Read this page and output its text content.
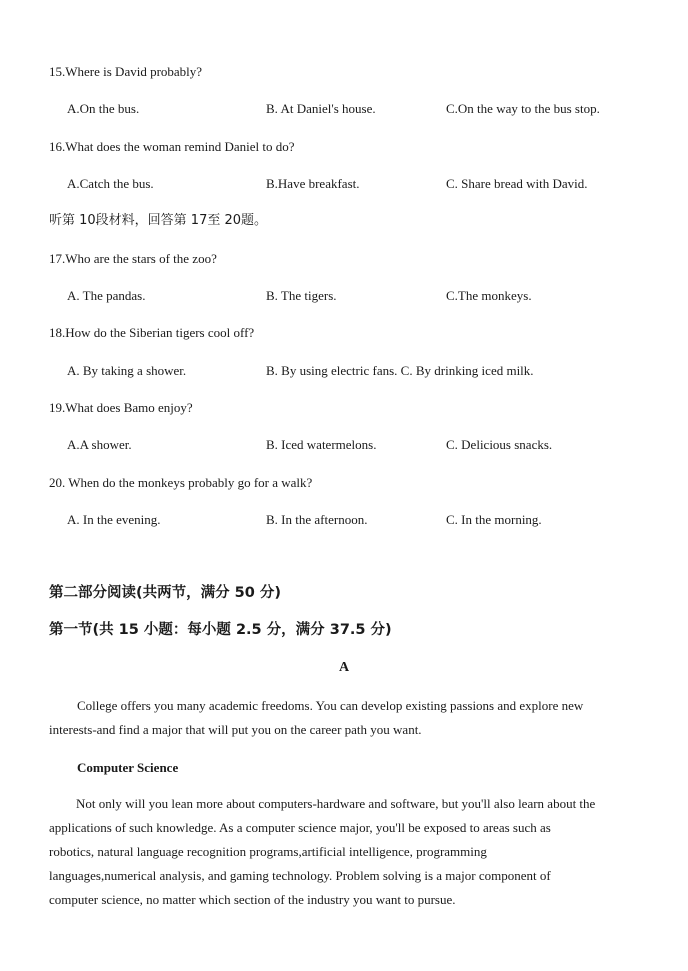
15.Where is David probably?
A.On the bus.	B. At Daniel's house.	C.On the way to the bus stop.
16.What does the woman remind Daniel to do?
A.Catch the bus.	B.Have breakfast.	C. Share bread with David.
听第 10段材料，回答第 17至 20题。
17.Who are the stars of the zoo?
A. The pandas.	B. The tigers.	C.The monkeys.
18.How do the Siberian tigers cool off?
A. By taking a shower.	B. By using electric fans. C. By drinking iced milk.
19.What does Bamo enjoy?
A.A shower.	B. Iced watermelons.	C. Delicious snacks.
20. When do the monkeys probably go for a walk?
A. In the evening.	B. In the afternoon.	C. In the morning.
第二部分阅读(共两节，满分 50 分)
第一节(共 15 小题：每小题 2.5 分，满分 37.5 分)
A
College offers you many academic freedoms. You can develop existing passions and explore new
interests-and find a major that will put you on the career path you want.
Computer Science
Not only will you lean more about computers-hardware and software, but you'll also learn about the
applications of such knowledge. As a computer science major, you'll be exposed to areas such as
robotics, natural language recognition programs,artificial intelligence, programming
languages,numerical analysis, and gaming technology. Problem solving is a major component of
computer science, no matter which section of the industry you want to pursue.
